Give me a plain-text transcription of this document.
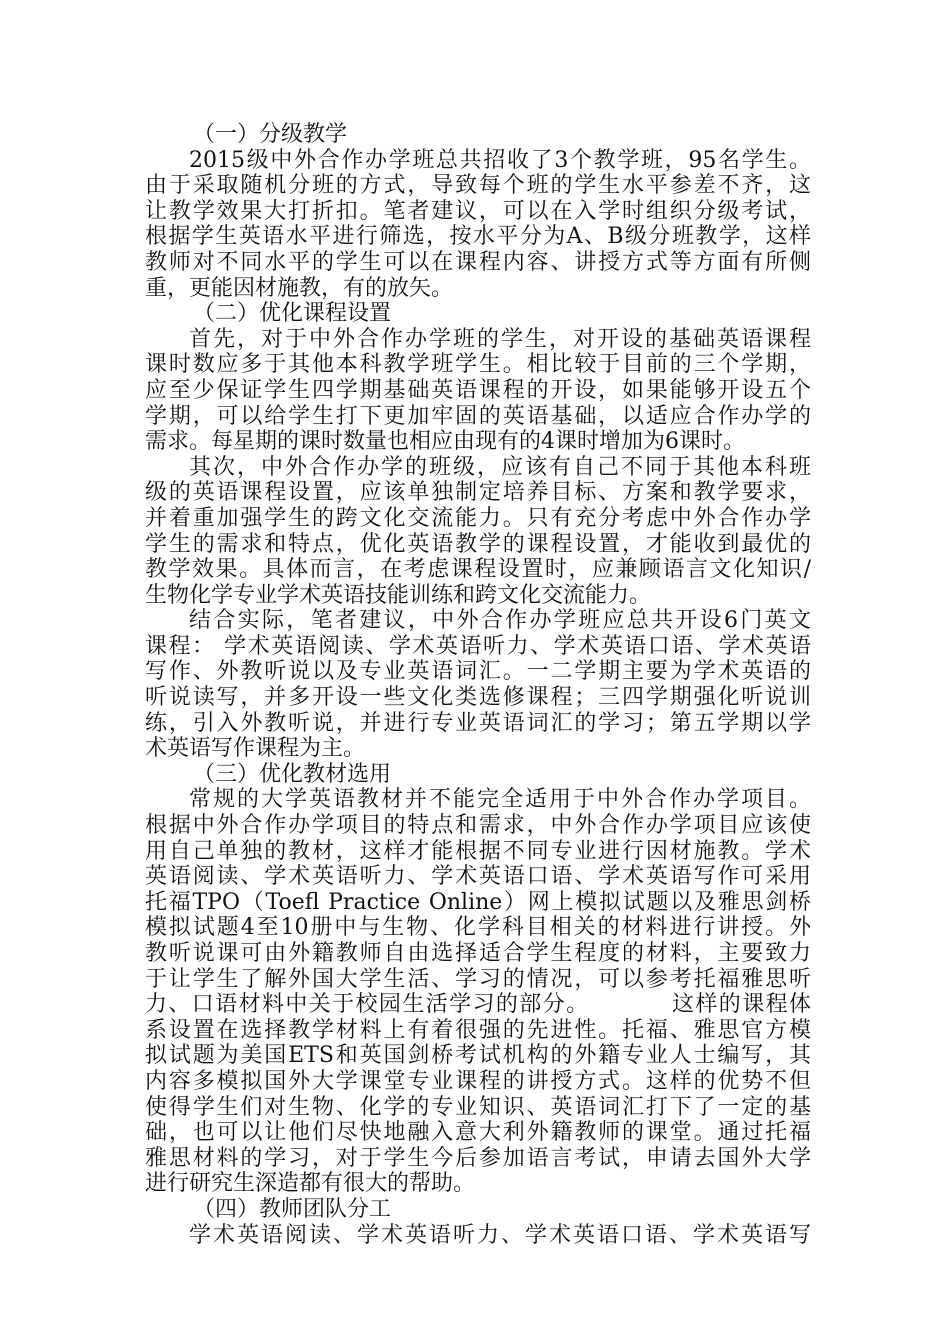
（一）分级教学
2015级中外合作办学班总共招收了3个教学班，95名学生。
由于采取随机分班的方式，导致每个班的学生水平参差不齐，这
让教学效果大打折扣。笔者建议，可以在入学时组织分级考试，
根据学生英语水平进行筛选，按水平分为A、B级分班教学，这样
教师对不同水平的学生可以在课程内容、讲授方式等方面有所侧
重，更能因材施教，有的放矢。
（二）优化课程设置
首先，对于中外合作办学班的学生，对开设的基础英语课程
课时数应多于其他本科教学班学生。相比较于目前的三个学期，
应至少保证学生四学期基础英语课程的开设，如果能够开设五个
学期，可以给学生打下更加牢固的英语基础，以适应合作办学的
需求。每星期的课时数量也相应由现有的4课时增加为6课时。
其次，中外合作办学的班级，应该有自己不同于其他本科班
级的英语课程设置，应该单独制定培养目标、方案和教学要求，
并着重加强学生的跨文化交流能力。只有充分考虑中外合作办学
学生的需求和特点，优化英语教学的课程设置，才能收到最优的
教学效果。具体而言，在考虑课程设置时，应兼顾语言文化知识/
生物化学专业学术英语技能训练和跨文化交流能力。
结合实际，笔者建议，中外合作办学班应总共开设6门英文
课程： 学术英语阅读、学术英语听力、学术英语口语、学术英语
写作、外教听说以及专业英语词汇。一二学期主要为学术英语的
听说读写，并多开设一些文化类选修课程；三四学期强化听说训
练，引入外教听说，并进行专业英语词汇的学习；第五学期以学
术英语写作课程为主。
（三）优化教材选用
常规的大学英语教材并不能完全适用于中外合作办学项目。
根据中外合作办学项目的特点和需求，中外合作办学项目应该使
用自己单独的教材，这样才能根据不同专业进行因材施教。学术
英语阅读、学术英语听力、学术英语口语、学术英语写作可采用
托福TPO（Toefl Practice Online）网上模拟试题以及雅思剑桥
模拟试题4至10册中与生物、化学科目相关的材料进行讲授。外
教听说课可由外籍教师自由选择适合学生程度的材料，主要致力
于让学生了解外国大学生活、学习的情况，可以参考托福雅思听
力、口语材料中关于校园生活学习的部分。　　　　这样的课程体
系设置在选择教学材料上有着很强的先进性。托福、雅思官方模
拟试题为美国ETS和英国剑桥考试机构的外籍专业人士编写，其
内容多模拟国外大学课堂专业课程的讲授方式。这样的优势不但
使得学生们对生物、化学的专业知识、英语词汇打下了一定的基
础，也可以让他们尽快地融入意大利外籍教师的课堂。通过托福
雅思材料的学习，对于学生今后参加语言考试，申请去国外大学
进行研究生深造都有很大的帮助。
（四）教师团队分工
学术英语阅读、学术英语听力、学术英语口语、学术英语写
